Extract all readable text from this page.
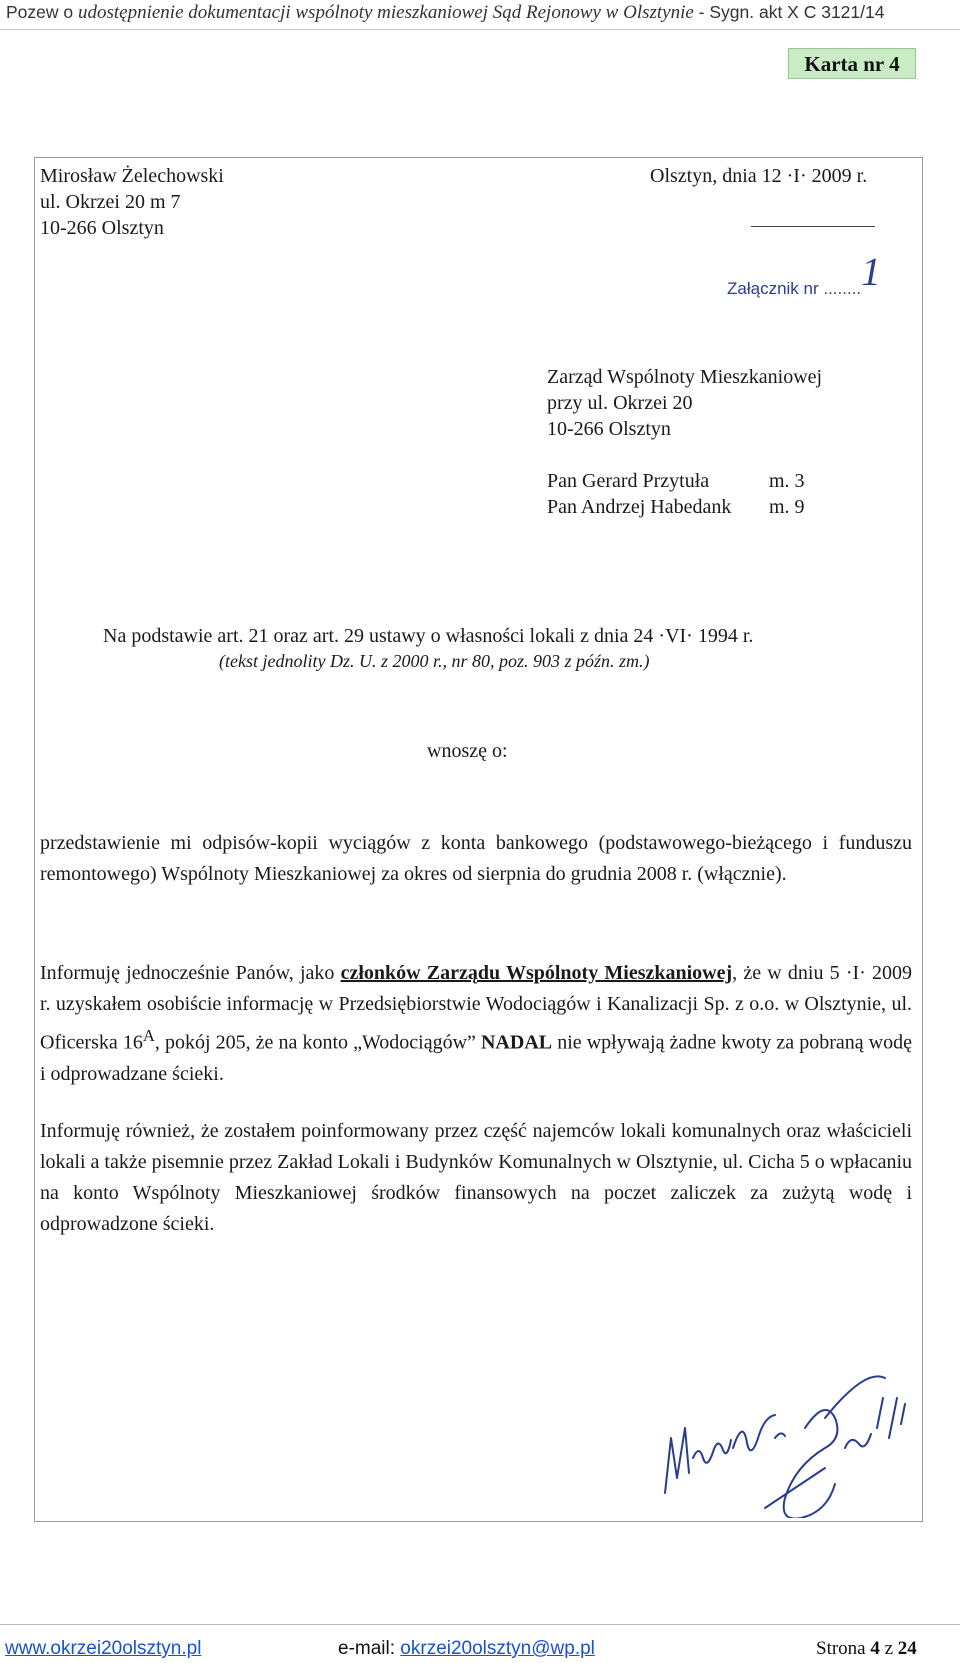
Pozew o udostępnienie dokumentacji wspólnoty mieszkaniowej Sąd Rejonowy w Olsztynie - Sygn. akt X C 3121/14
Karta nr 4
Mirosław Żelechowski
ul. Okrzei 20 m 7
10-266 Olsztyn
Olsztyn, dnia 12 ·I· 2009 r.
Załącznik nr ........ 1
Zarząd Wspólnoty Mieszkaniowej
przy ul. Okrzei 20
10-266 Olsztyn
Pan Gerard Przytuła	m. 3
Pan Andrzej Habedank	m. 9
Na podstawie art. 21 oraz art. 29 ustawy o własności lokali z dnia 24 ·VI· 1994 r.
(tekst jednolity Dz. U. z 2000 r., nr 80, poz. 903 z późn. zm.)
wnoszę o:
przedstawienie mi odpisów-kopii wyciągów z konta bankowego (podstawowego-bieżącego i funduszu remontowego) Wspólnoty Mieszkaniowej za okres od sierpnia do grudnia 2008 r. (włącznie).
Informuję jednocześnie Panów, jako członków Zarządu Wspólnoty Mieszkaniowej, że w dniu 5 ·I· 2009 r. uzyskałem osobiście informację w Przedsiębiorstwie Wodociągów i Kanalizacji Sp. z o.o. w Olsztynie, ul. Oficerska $16^A$, pokój 205, że na konto „Wodociągów” NADAL nie wpływają żadne kwoty za pobraną wodę i odprowadzane ścieki.
Informuję również, że zostałem poinformowany przez część najemców lokali komunalnych oraz właścicieli lokali a także pisemnie przez Zakład Lokali i Budynków Komunalnych w Olsztynie, ul. Cicha 5 o wpłacaniu na konto Wspólnoty Mieszkaniowej środków finansowych na poczet zaliczek za zużytą wodę i odprowadzone ścieki.
www.okrzei20olsztyn.pl	e-mail: okrzei20olsztyn@wp.pl	Strona 4 z 24
